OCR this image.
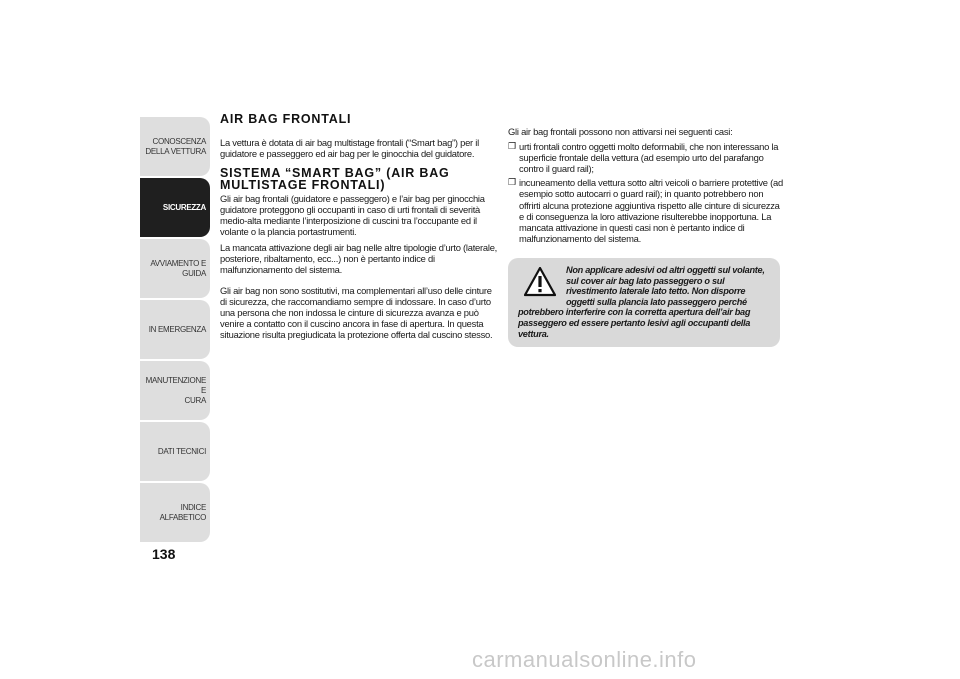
CONOSCENZA
DELLA VETTURA
SICUREZZA
AVVIAMENTO E
GUIDA
IN EMERGENZA
MANUTENZIONE E
CURA
DATI TECNICI
INDICE ALFABETICO
138
AIR BAG FRONTALI

La vettura è dotata di air bag multistage frontali (“Smart bag”) per il guidatore e passeggero ed air bag per le ginocchia del guidatore.

SISTEMA “SMART BAG” (AIR BAG MULTISTAGE FRONTALI)

Gli air bag frontali (guidatore e passeggero) e l’air bag per ginocchia guidatore proteggono gli occupanti in caso di urti frontali di severità medio-alta mediante l’interposizione di cuscini tra l’occupante ed il volante o la plancia portastrumenti.

La mancata attivazione degli air bag nelle altre tipologie d’urto (laterale, posteriore, ribaltamento, ecc...) non è pertanto indice di malfunzionamento del sistema.

Gli air bag non sono sostitutivi, ma complementari all’uso delle cinture di sicurezza, che raccomandiamo sempre di indossare. In caso d’urto una persona che non indossa le cinture di sicurezza avanza e può venire a contatto con il cuscino ancora in fase di apertura. In questa situazione risulta pregiudicata la protezione offerta dal cuscino stesso.

Gli air bag frontali possono non attivarsi nei seguenti casi:

❒ urti frontali contro oggetti molto deformabili, che non interessano la superficie frontale della vettura (ad esempio urto del parafango contro il guard rail);
❒ incuneamento della vettura sotto altri veicoli o barriere protettive (ad esempio sotto autocarri o guard rail); in quanto potrebbero non offrirti alcuna protezione aggiuntiva rispetto alle cinture di sicurezza e di conseguenza la loro attivazione risulterebbe inopportuna. La mancata attivazione in questi casi non è pertanto indice di malfunzionamento del sistema.

Non applicare adesivi od altri oggetti sul volante, sul cover air bag lato passeggero o sul rivestimento laterale lato tetto. Non disporre oggetti sulla plancia lato passeggero perché potrebbero interferire con la corretta apertura dell’air bag passeggero ed essere pertanto lesivi agli occupanti della vettura.

carmanualsonline.info
